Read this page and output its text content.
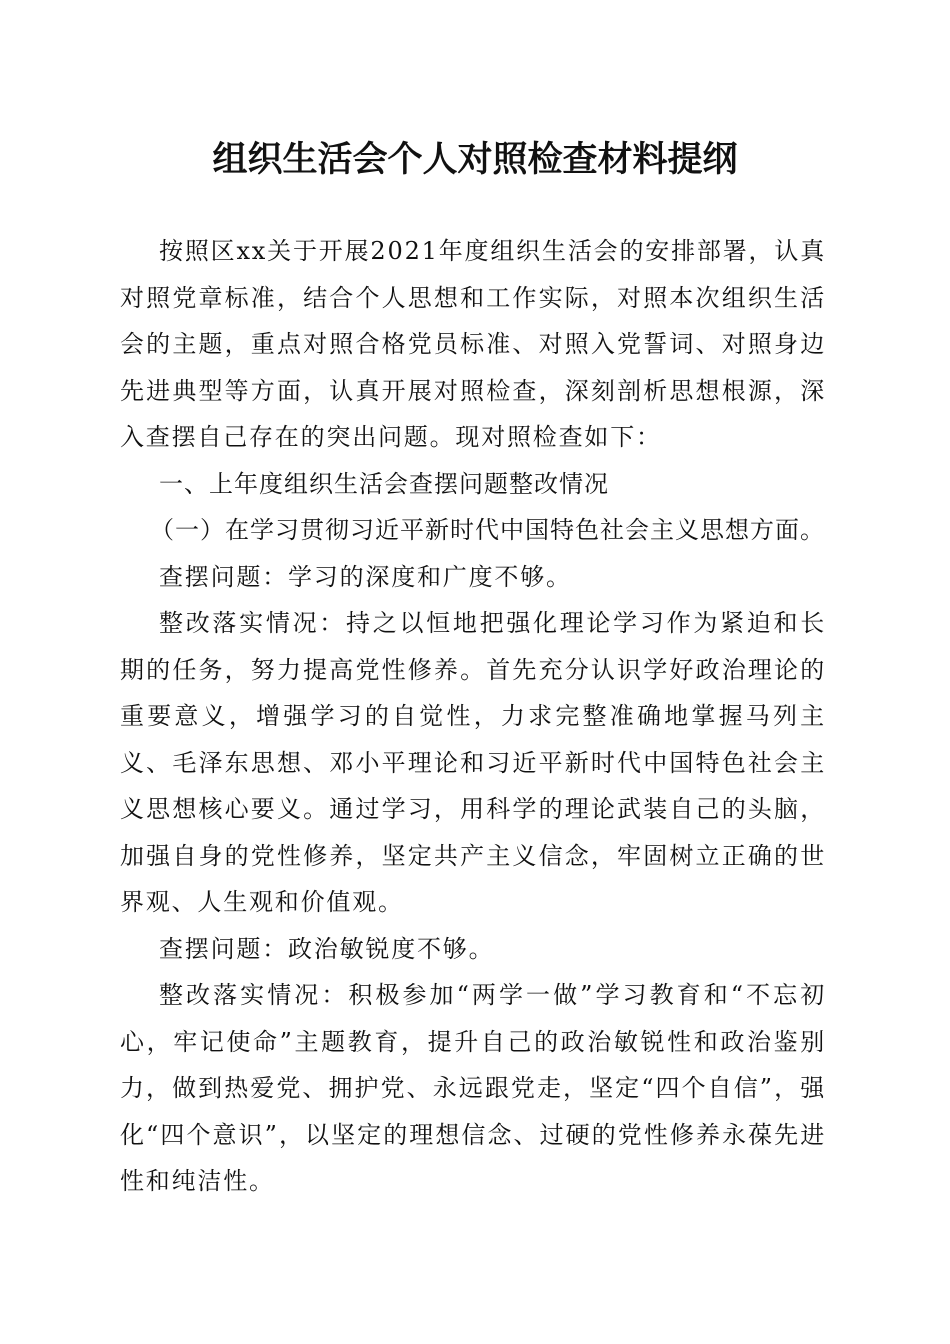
组织生活会个人对照检查材料提纲

按照区xx关于开展2021年度组织生活会的安排部署，认真对照党章标准，结合个人思想和工作实际，对照本次组织生活会的主题，重点对照合格党员标准、对照入党誓词、对照身边先进典型等方面，认真开展对照检查，深刻剖析思想根源，深入查摆自己存在的突出问题。现对照检查如下：

一、上年度组织生活会查摆问题整改情况

（一）在学习贯彻习近平新时代中国特色社会主义思想方面。

查摆问题：学习的深度和广度不够。

整改落实情况：持之以恒地把强化理论学习作为紧迫和长期的任务，努力提高党性修养。首先充分认识学好政治理论的重要意义，增强学习的自觉性，力求完整准确地掌握马列主义、毛泽东思想、邓小平理论和习近平新时代中国特色社会主义思想核心要义。通过学习，用科学的理论武装自己的头脑，加强自身的党性修养，坚定共产主义信念，牢固树立正确的世界观、人生观和价值观。

查摆问题：政治敏锐度不够。

整改落实情况：积极参加“两学一做”学习教育和“不忘初心，牢记使命”主题教育，提升自己的政治敏锐性和政治鉴别力，做到热爱党、拥护党、永远跟党走，坚定“四个自信”，强化“四个意识”，以坚定的理想信念、过硬的党性修养永葆先进性和纯洁性。
